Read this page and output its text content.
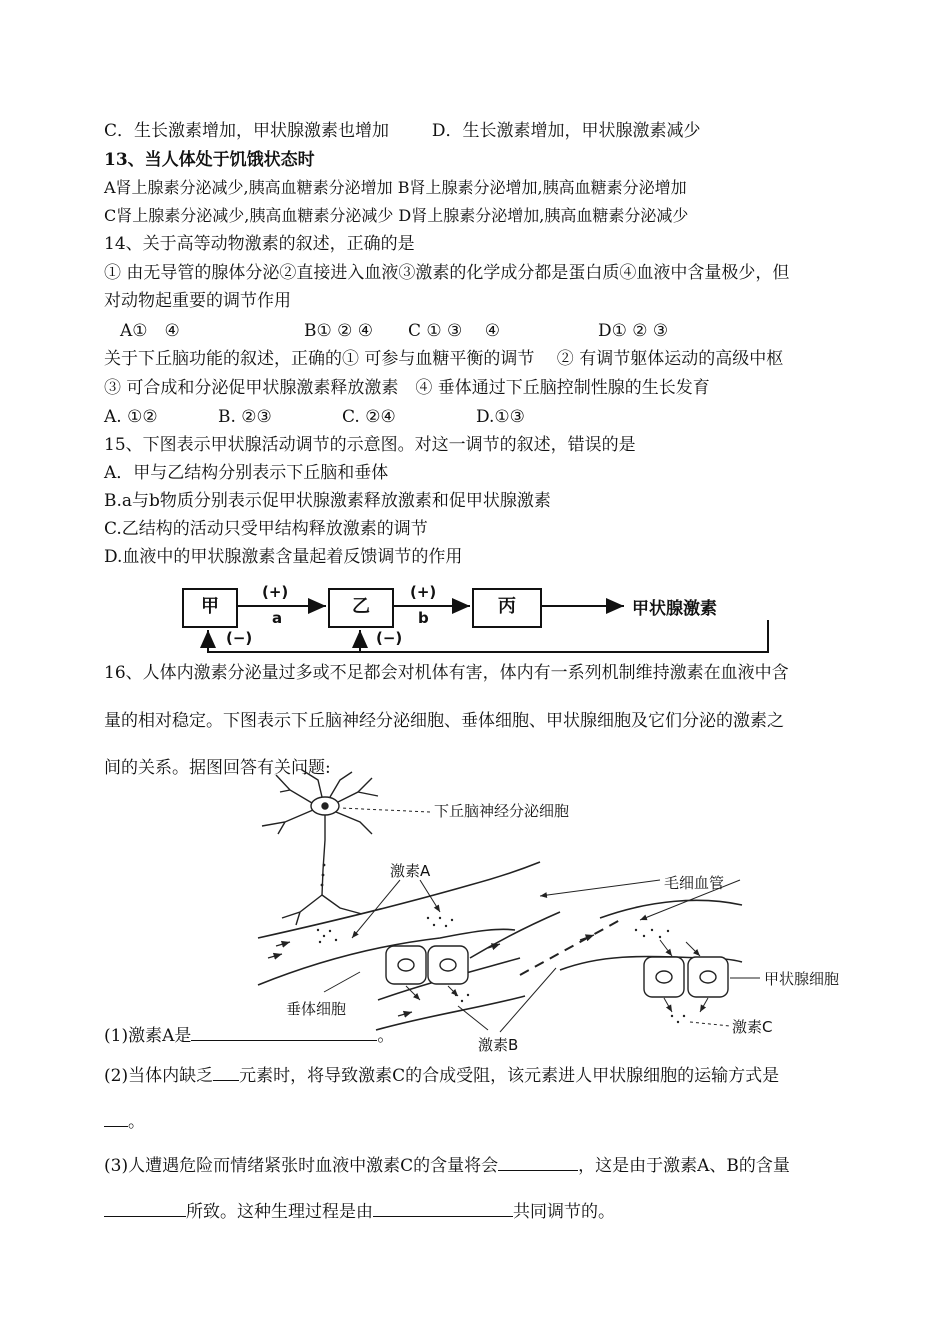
C．生长激素增加，甲状腺激素也增加	D．生长激素增加，甲状腺激素减少
13、当人体处于饥饿状态时
A肾上腺素分泌减少,胰高血糖素分泌增加 B肾上腺素分泌增加,胰高血糖素分泌增加
C肾上腺素分泌减少,胰高血糖素分泌减少 D肾上腺素分泌增加,胰高血糖素分泌减少
14、关于高等动物激素的叙述，正确的是
① 由无导管的腺体分泌②直接进入血液③激素的化学成分都是蛋白质④血液中含量极少，但
对动物起重要的调节作用
A①　④	B① ② ④ C ① ③　 ④	D① ② ③
关于下丘脑功能的叙述，正确的① 可参与血糖平衡的调节　 ② 有调节躯体运动的高级中枢
③ 可合成和分泌促甲状腺激素释放激素　④ 垂体通过下丘脑控制性腺的生长发育
A. ①②	B. ②③	C. ②④	D.①③
15、下图表示甲状腺活动调节的示意图。对这一调节的叙述，错误的是
A．甲与乙结构分别表示下丘脑和垂体
B.a与b物质分别表示促甲状腺激素释放激素和促甲状腺激素
C.乙结构的活动只受甲结构释放激素的调节
D.血液中的甲状腺激素含量起着反馈调节的作用
甲	乙	丙	甲状腺激素
(+)
a
(+)
b
(−)	(−)
16、人体内激素分泌量过多或不足都会对机体有害，体内有一系列机制维持激素在血液中含
量的相对稳定。下图表示下丘脑神经分泌细胞、垂体细胞、甲状腺细胞及它们分泌的激素之
间的关系。据图回答有关问题:
下丘脑神经分泌细胞
激素A
毛细血管
甲状腺细胞
垂体细胞
激素B
激素C
(1)激素A是	。
(2)当体内缺乏 元素时，将导致激素C的合成受阻，该元素进人甲状腺细胞的运输方式是
。
(3)人遭遇危险而情绪紧张时血液中激素C的含量将会	，这是由于激素A、B的含量
所致。这种生理过程是由	共同调节的。
